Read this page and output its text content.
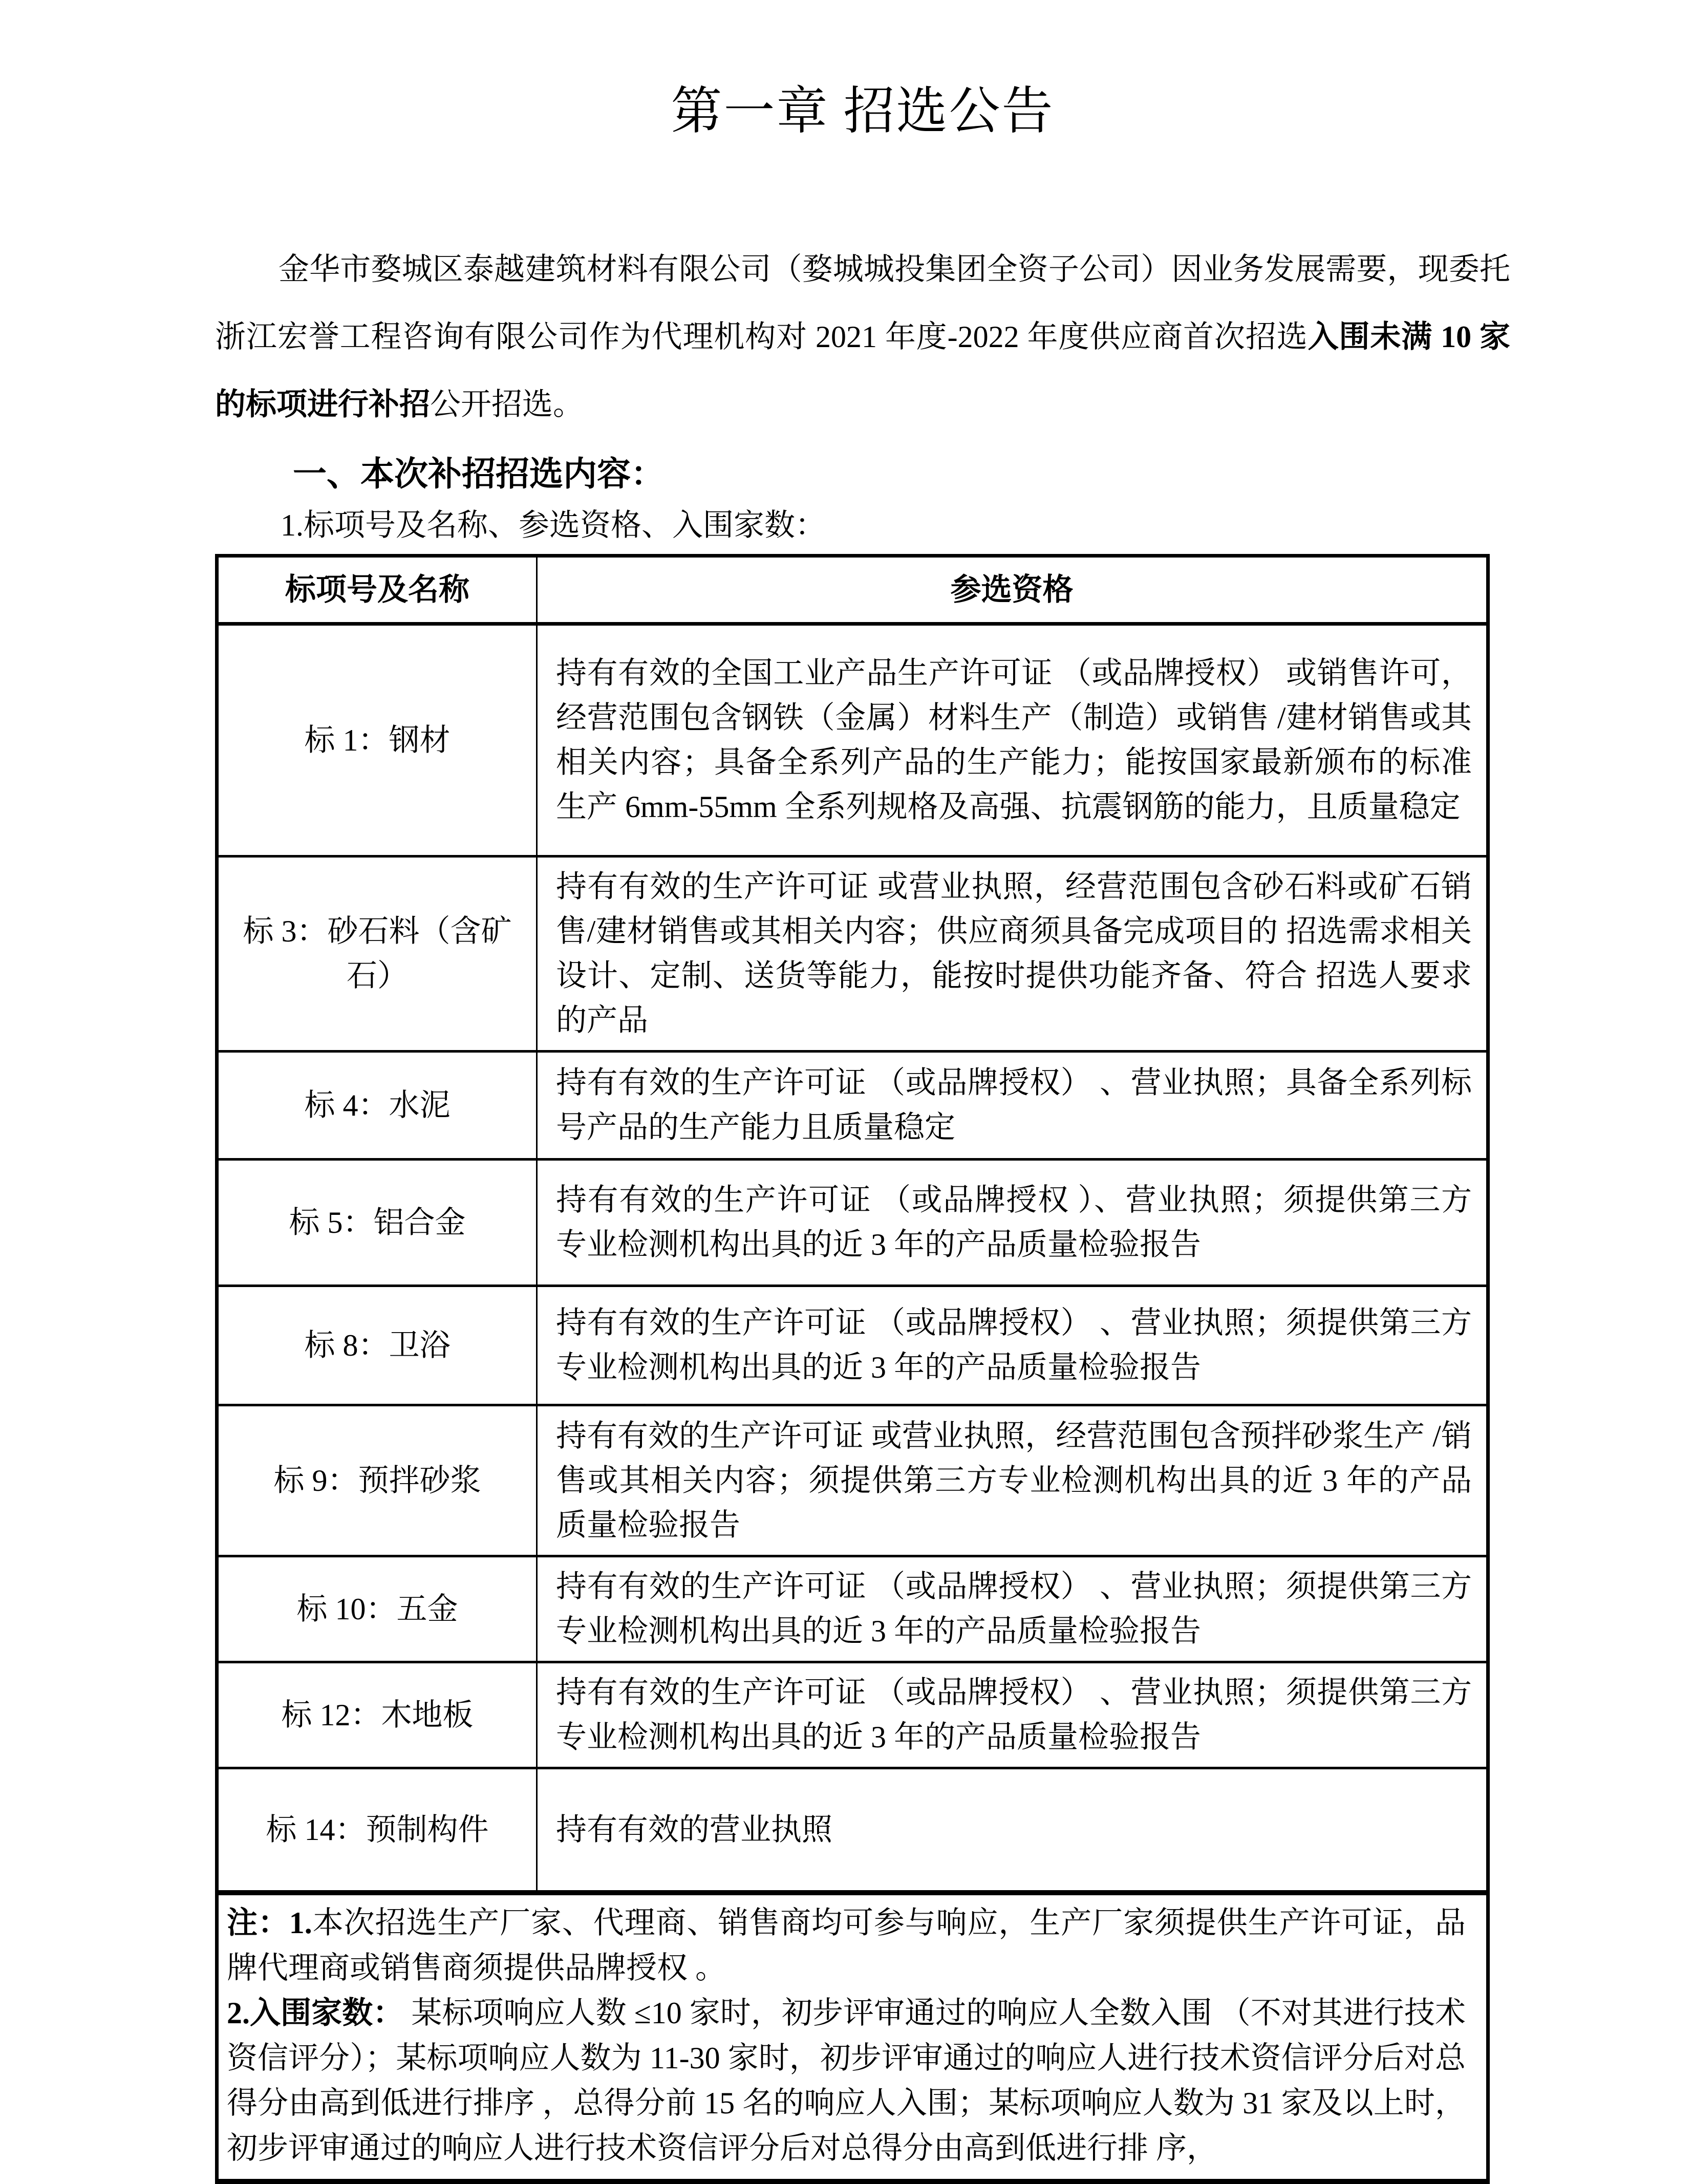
第一章 招选公告

金华市婺城区泰越建筑材料有限公司（婺城城投集团全资子公司）因业务发展需要，现委托浙江宏誉工程咨询有限公司作为代理机构对 2021 年度-2022 年度供应商首次招选入围未满 10 家的标项进行补招公开招选。

一、本次补招招选内容：
1.标项号及名称、参选资格、入围家数：
标项号及名称	参选资格
标 1：钢材	持有有效的全国工业产品生产许可证 （或品牌授权） 或销售许可，经营范围包含钢铁（金属）材料生产（制造）或销售 /建材销售或其相关内容；具备全系列产品的生产能力；能按国家最新颁布的标准生产 6mm-55mm 全系列规格及高强、抗震钢筋的能力，且质量稳定
标 3：砂石料（含矿石）	持有有效的生产许可证 或营业执照，经营范围包含砂石料或矿石销售/建材销售或其相关内容；供应商须具备完成项目的 招选需求相关设计、定制、送货等能力，能按时提供功能齐备、符合 招选人要求的产品
标 4：水泥	持有有效的生产许可证 （或品牌授权） 、营业执照；具备全系列标号产品的生产能力且质量稳定
标 5：铝合金	持有有效的生产许可证 （或品牌授权 ）、营业执照；须提供第三方专业检测机构出具的近 3 年的产品质量检验报告
标 8：卫浴	持有有效的生产许可证 （或品牌授权） 、营业执照；须提供第三方专业检测机构出具的近 3 年的产品质量检验报告
标 9：预拌砂浆	持有有效的生产许可证 或营业执照，经营范围包含预拌砂浆生产 /销售或其相关内容；须提供第三方专业检测机构出具的近 3 年的产品质量检验报告
标 10：五金	持有有效的生产许可证 （或品牌授权） 、营业执照；须提供第三方专业检测机构出具的近 3 年的产品质量检验报告
标 12：木地板	持有有效的生产许可证 （或品牌授权） 、营业执照；须提供第三方专业检测机构出具的近 3 年的产品质量检验报告
标 14：预制构件	持有有效的营业执照

注：1.本次招选生产厂家、代理商、销售商均可参与响应，生产厂家须提供生产许可证，品牌代理商或销售商须提供品牌授权 。

2.入围家数： 某标项响应人数 ≤10 家时，初步评审通过的响应人全数入围 （不对其进行技术资信评分）；某标项响应人数为 11-30 家时，初步评审通过的响应人进行技术资信评分后对总得分由高到低进行排序 ，总得分前 15 名的响应人入围；某标项响应人数为 31 家及以上时，初步评审通过的响应人进行技术资信评分后对总得分由高到低进行排 序，	
